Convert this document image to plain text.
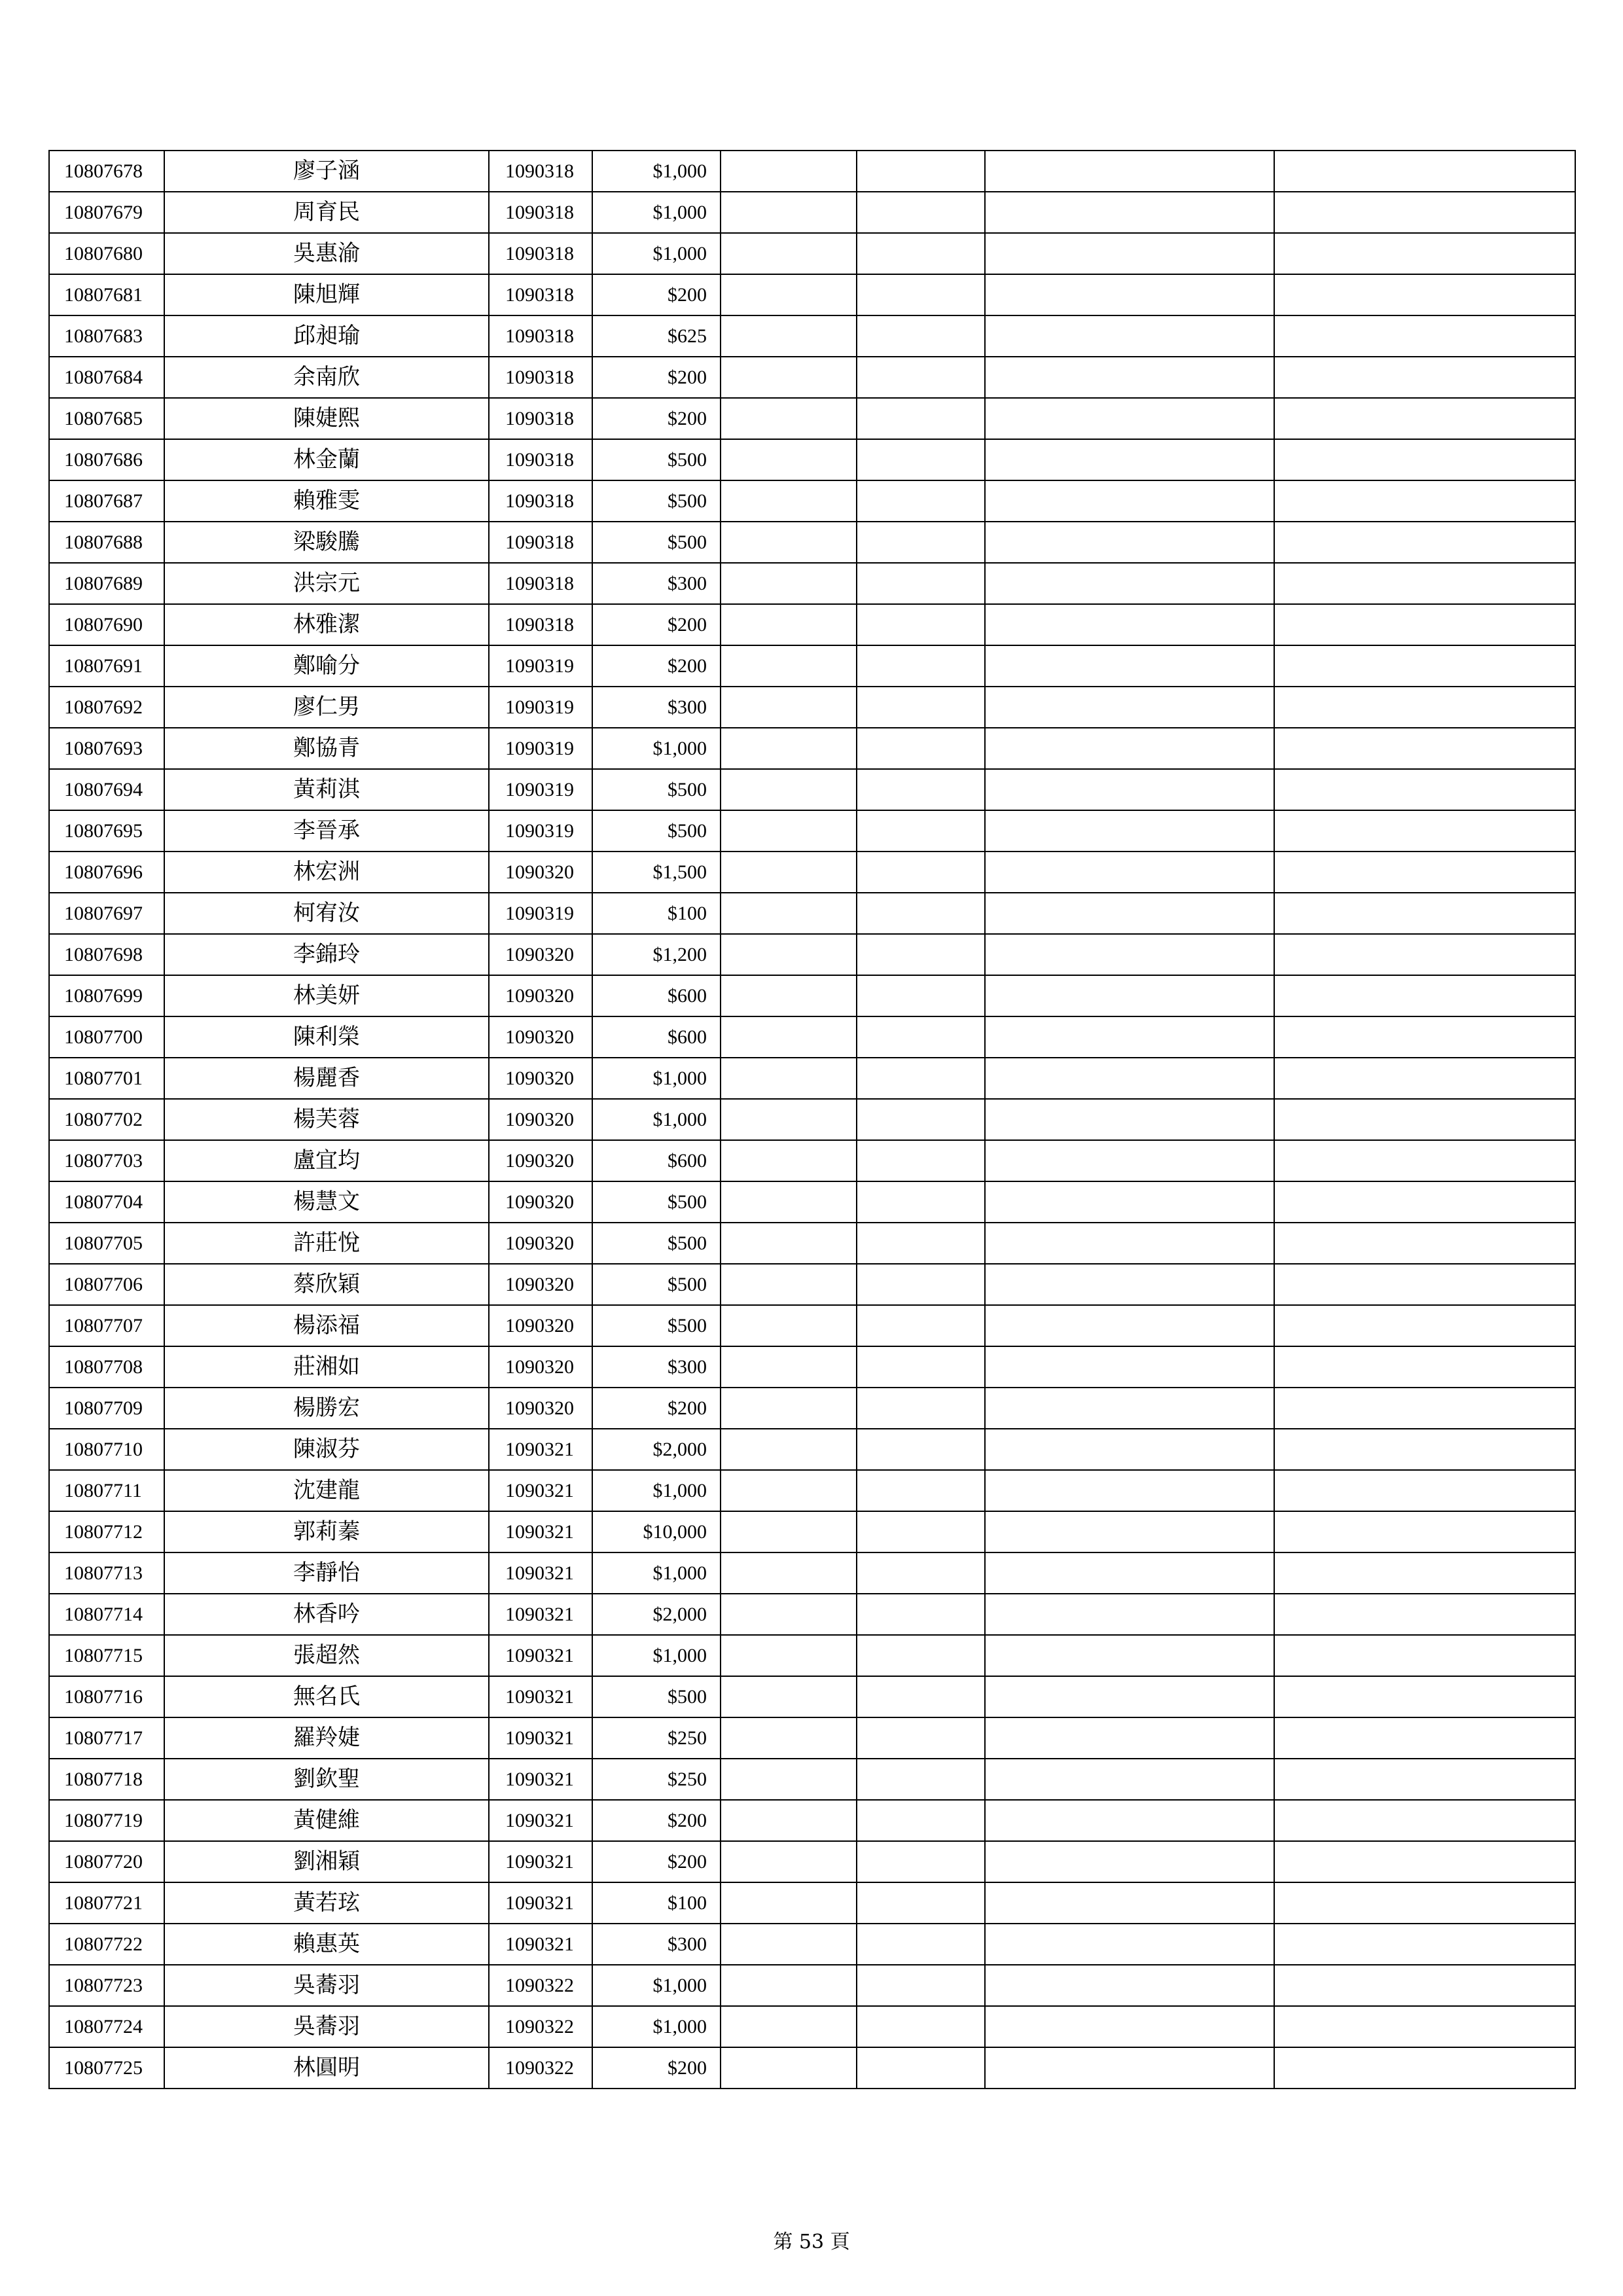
10807678	廖子涵	1090318	$1,000				
10807679	周育民	1090318	$1,000				
10807680	吳惠渝	1090318	$1,000				
10807681	陳旭輝	1090318	$200				
10807683	邱昶瑜	1090318	$625				
10807684	余南欣	1090318	$200				
10807685	陳婕熙	1090318	$200				
10807686	林金蘭	1090318	$500				
10807687	賴雅雯	1090318	$500				
10807688	梁駿騰	1090318	$500				
10807689	洪宗元	1090318	$300				
10807690	林雅潔	1090318	$200				
10807691	鄭喻分	1090319	$200				
10807692	廖仁男	1090319	$300				
10807693	鄭協青	1090319	$1,000				
10807694	黃莉淇	1090319	$500				
10807695	李晉承	1090319	$500				
10807696	林宏洲	1090320	$1,500				
10807697	柯宥汝	1090319	$100				
10807698	李錦玲	1090320	$1,200				
10807699	林美妍	1090320	$600				
10807700	陳利榮	1090320	$600				
10807701	楊麗香	1090320	$1,000				
10807702	楊芙蓉	1090320	$1,000				
10807703	盧宜均	1090320	$600				
10807704	楊慧文	1090320	$500				
10807705	許莊悅	1090320	$500				
10807706	蔡欣穎	1090320	$500				
10807707	楊添福	1090320	$500				
10807708	莊湘如	1090320	$300				
10807709	楊勝宏	1090320	$200				
10807710	陳淑芬	1090321	$2,000				
10807711	沈建龍	1090321	$1,000				
10807712	郭莉蓁	1090321	$10,000				
10807713	李靜怡	1090321	$1,000				
10807714	林香吟	1090321	$2,000				
10807715	張超然	1090321	$1,000				
10807716	無名氏	1090321	$500				
10807717	羅羚婕	1090321	$250				
10807718	劉欽聖	1090321	$250				
10807719	黃健維	1090321	$200				
10807720	劉湘穎	1090321	$200				
10807721	黃若玹	1090321	$100				
10807722	賴惠英	1090321	$300				
10807723	吳蕎羽	1090322	$1,000				
10807724	吳蕎羽	1090322	$1,000				
10807725	林圓明	1090322	$200				
第 53 頁
